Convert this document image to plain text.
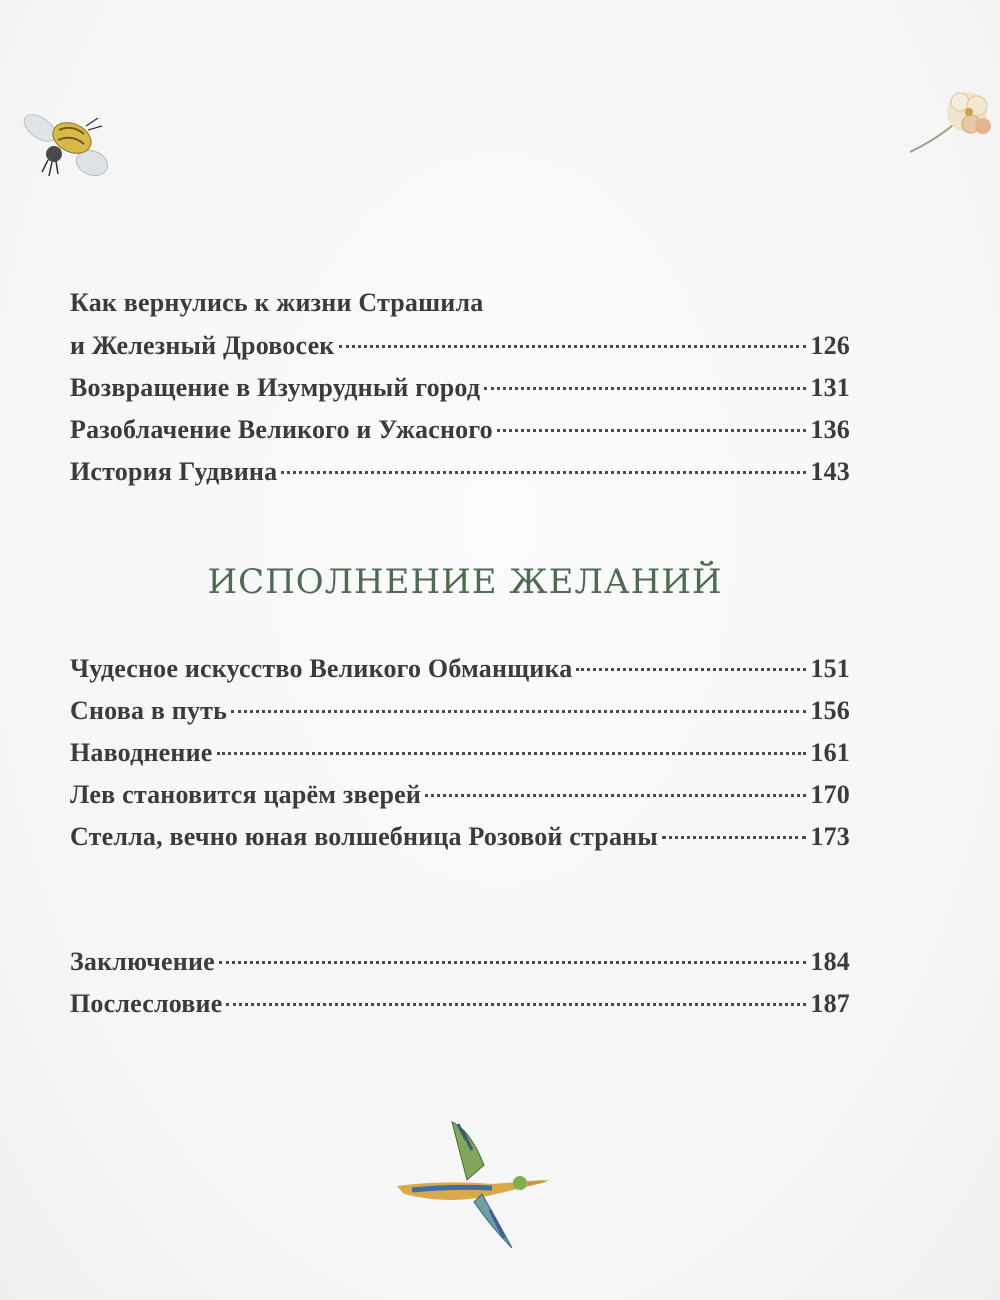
Как вернулись к жизни Страшила
и Железный Дровосек	126
Возвращение в Изумрудный город	131
Разоблачение Великого и Ужасного	136
История Гудвина	143
ИСПОЛНЕНИЕ ЖЕЛАНИЙ
Чудесное искусство Великого Обманщика	151
Снова в путь	156
Наводнение	161
Лев становится царём зверей	170
Стелла, вечно юная волшебница Розовой страны	173
Заключение	184
Послесловие	187
